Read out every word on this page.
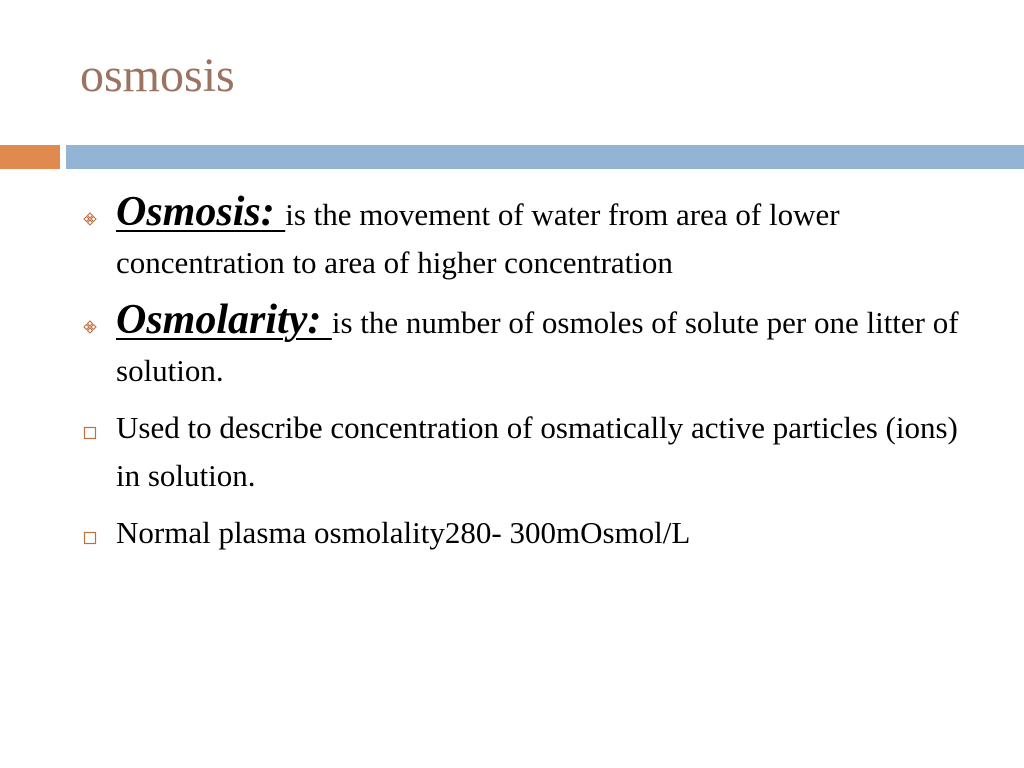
osmosis
Osmosis: is the movement of water from area of lower concentration to area of higher concentration
Osmolarity: is the number of osmoles of solute per one litter of solution.
Used to describe concentration of osmatically active particles (ions) in solution.
Normal plasma osmolality280- 300mOsmol/L
